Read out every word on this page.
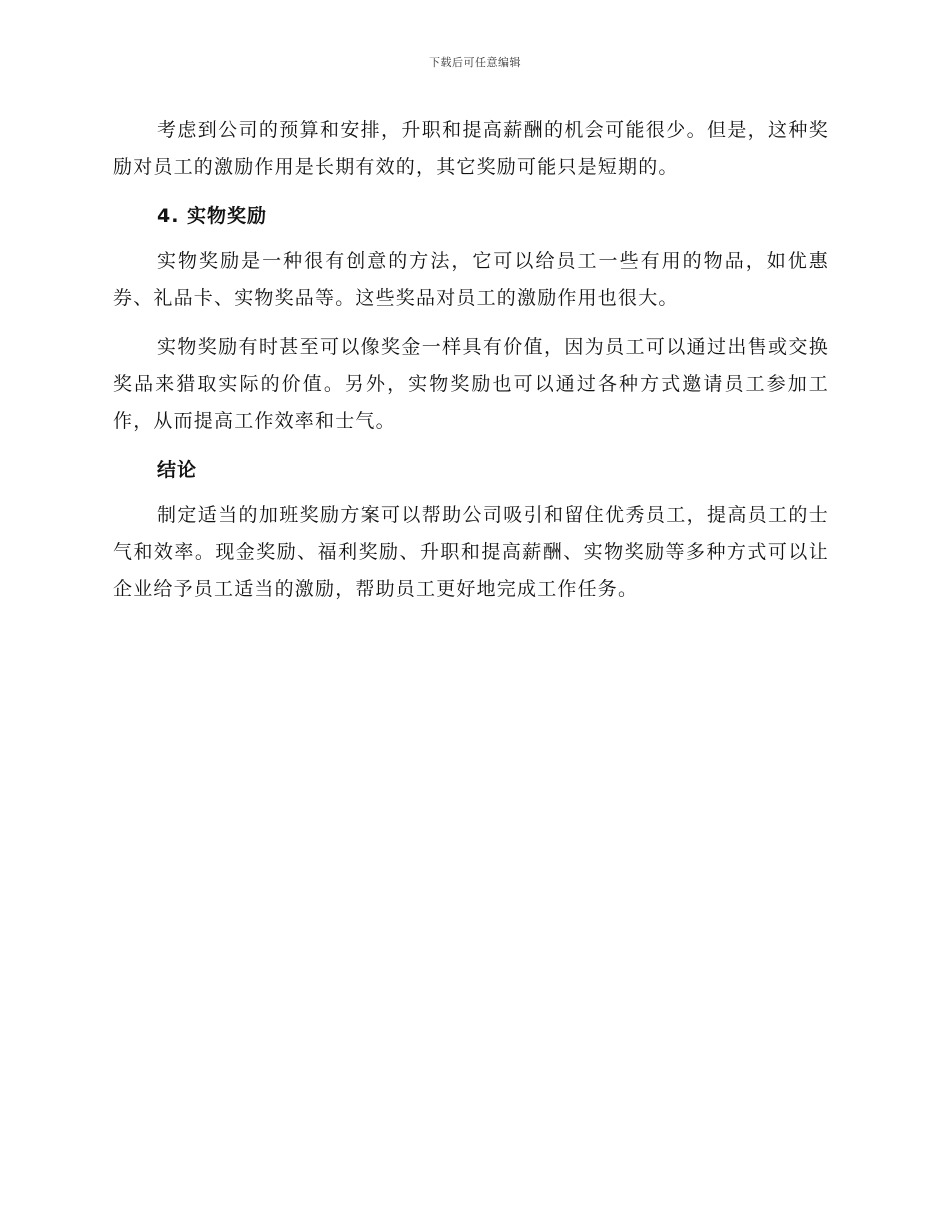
下载后可任意编辑

考虑到公司的预算和安排，升职和提高薪酬的机会可能很少。但是，这种奖励对员工的激励作用是长期有效的，其它奖励可能只是短期的。

4. 实物奖励

实物奖励是一种很有创意的方法，它可以给员工一些有用的物品，如优惠券、礼品卡、实物奖品等。这些奖品对员工的激励作用也很大。

实物奖励有时甚至可以像奖金一样具有价值，因为员工可以通过出售或交换奖品来猎取实际的价值。另外，实物奖励也可以通过各种方式邀请员工参加工作，从而提高工作效率和士气。

结论

制定适当的加班奖励方案可以帮助公司吸引和留住优秀员工，提高员工的士气和效率。现金奖励、福利奖励、升职和提高薪酬、实物奖励等多种方式可以让企业给予员工适当的激励，帮助员工更好地完成工作任务。
